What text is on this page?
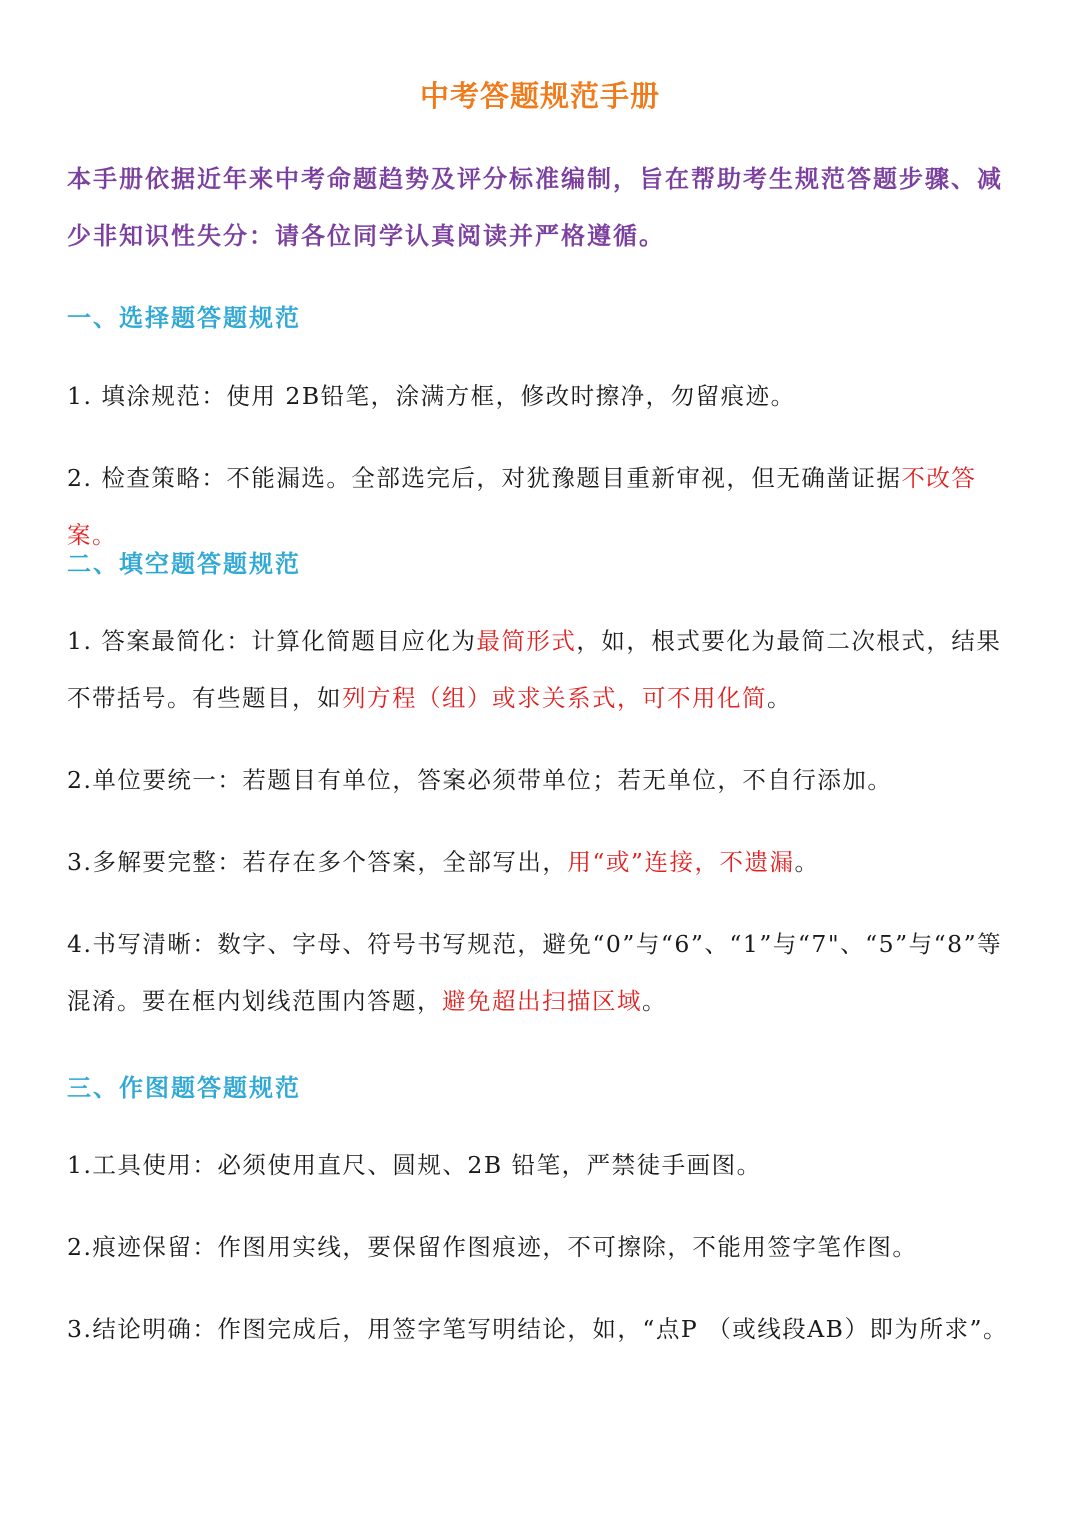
中考答题规范手册
本手册依据近年来中考命题趋势及评分标准编制，旨在帮助考生规范答题步骤、减少非知识性失分：请各位同学认真阅读并严格遵循。
一、选择题答题规范
1. 填涂规范：使用 2B铅笔，涂满方框，修改时擦净，勿留痕迹。
2. 检查策略：不能漏选。全部选完后，对犹豫题目重新审视，但无确凿证据不改答案。
二、填空题答题规范
1. 答案最简化：计算化简题目应化为最简形式，如，根式要化为最简二次根式，结果不带括号。有些题目，如列方程（组）或求关系式，可不用化简。
2.单位要统一：若题目有单位，答案必须带单位；若无单位，不自行添加。
3.多解要完整：若存在多个答案，全部写出，用“或”连接，不遗漏。
4.书写清晰：数字、字母、符号书写规范，避免“0”与“6”、“1”与“7"、“5”与“8”等混淆。要在框内划线范围内答题，避免超出扫描区域。
三、作图题答题规范
1.工具使用：必须使用直尺、圆规、2B 铅笔，严禁徒手画图。
2.痕迹保留：作图用实线，要保留作图痕迹，不可擦除，不能用签字笔作图。
3.结论明确：作图完成后，用签字笔写明结论，如，“点P （或线段AB）即为所求”。
